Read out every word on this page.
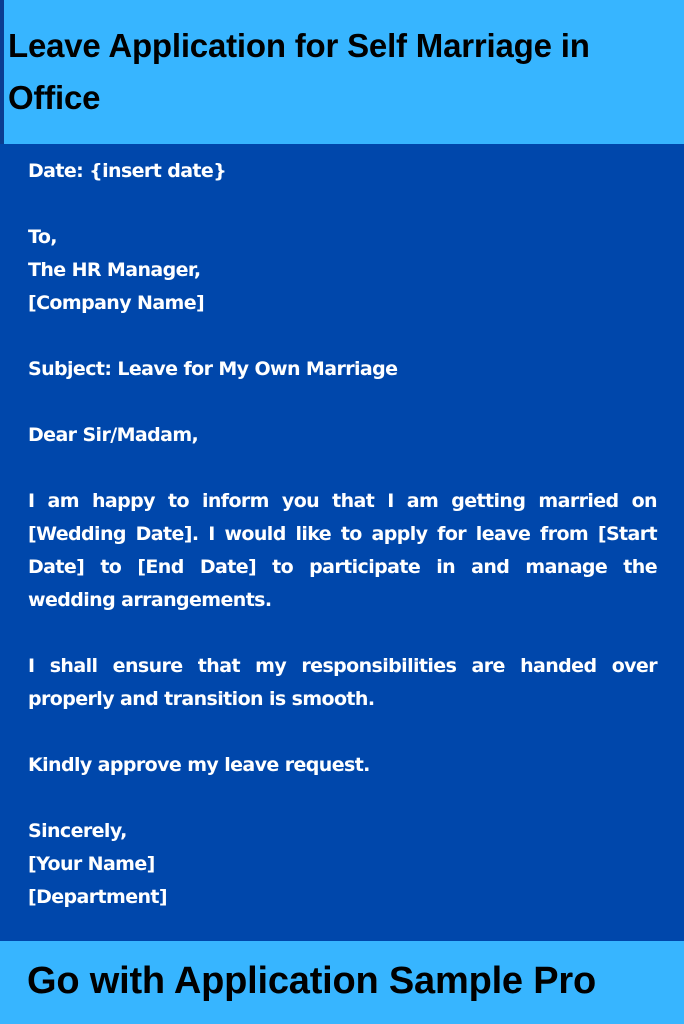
Leave Application for Self Marriage in Office

Date: {insert date}

To,

The HR Manager,

[Company Name]

Subject: Leave for My Own Marriage

Dear Sir/Madam,

I am happy to inform you that I am getting married on [Wedding Date]. I would like to apply for leave from [Start Date] to [End Date] to participate in and manage the wedding arrangements.

I shall ensure that my responsibilities are handed over properly and transition is smooth.

Kindly approve my leave request.

Sincerely,

[Your Name]

[Department]

Go with Application Sample Pro
